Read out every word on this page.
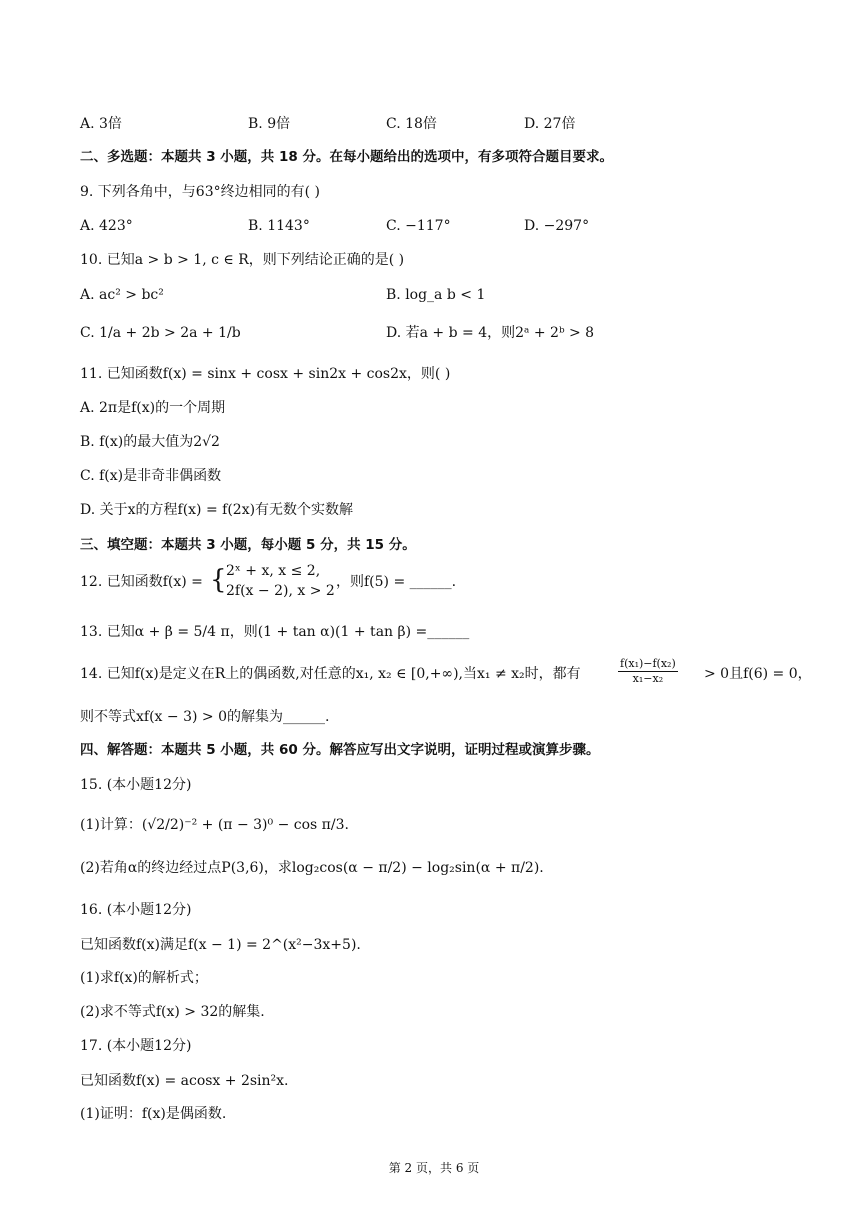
A. 3倍	B. 9倍	C. 18倍	D. 27倍
二、多选题：本题共 3 小题，共 18 分。在每小题给出的选项中，有多项符合题目要求。
9. 下列各角中，与63°终边相同的有( )
A. 423°	B. 1143°	C. −117°	D. −297°
10. 已知a > b > 1, c ∈ R，则下列结论正确的是( )
A. ac² > bc²	B. log_a b < 1
C. 1/a + 2b > 2a + 1/b	D. 若a + b = 4，则2ᵃ + 2ᵇ > 8
11. 已知函数f(x) = sinx + cosx + sin2x + cos2x，则( )
A. 2π是f(x)的一个周期
B. f(x)的最大值为2√2
C. f(x)是非奇非偶函数
D. 关于x的方程f(x) = f(2x)有无数个实数解
三、填空题：本题共 3 小题，每小题 5 分，共 15 分。
12. 已知函数f(x) = { 2ˣ + x, x ≤ 2,
2f(x − 2), x > 2
，则f(5) = ______.
13. 已知α + β = 5/4 π，则(1 + tan α)(1 + tan β) =______
14. 已知f(x)是定义在R上的偶函数,对任意的x₁, x₂ ∈ [0,+∞),当x₁ ≠ x₂时，都有	$\frac{\text{f(x₁)−f(x₂)}}{\text{x₁−x₂}} > 0$且f(6) = 0，
则不等式xf(x − 3) > 0的解集为______.
四、解答题：本题共 5 小题，共 60 分。解答应写出文字说明，证明过程或演算步骤。
15. (本小题12分)
(1)计算：(√2/2)⁻² + (π − 3)⁰ − cos π/3.
(2)若角α的终边经过点P(3,6)，求log₂cos(α − π/2) − log₂sin(α + π/2).
16. (本小题12分)
已知函数f(x)满足f(x − 1) = 2^(x²−3x+5).
(1)求f(x)的解析式；
(2)求不等式f(x) > 32的解集.
17. (本小题12分)
已知函数f(x) = acosx + 2sin²x.
(1)证明：f(x)是偶函数.
第 2 页，共 6 页
